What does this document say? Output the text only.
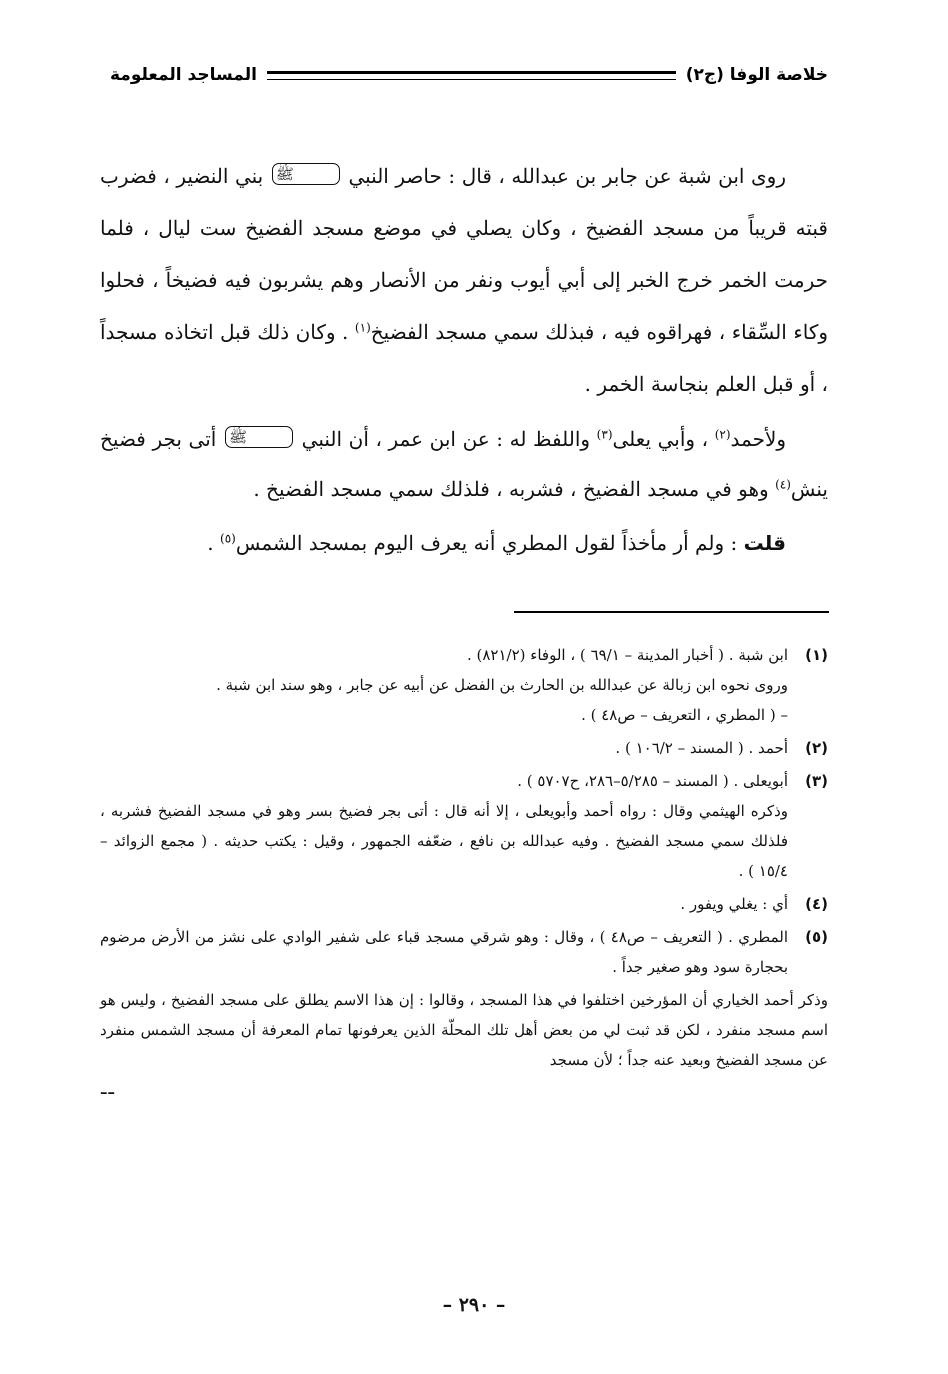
خلاصة الوفا (ج٢)
المساجد المعلومة

روى ابن شبة عن جابر بن عبدالله ، قال : حاصر النبي ﷺ بني النضير ، فضرب قبته قريباً من مسجد الفضيخ ، وكان يصلي في موضع مسجد الفضيخ ست ليال ، فلما حرمت الخمر خرج الخبر إلى أبي أيوب ونفر من الأنصار وهم يشربون فيه فضيخاً ، فحلوا وكاء السِّقاء ، فهراقوه فيه ، فبذلك سمي مسجد الفضيخ$^{(١)}$ . وكان ذلك قبل اتخاذه مسجداً ، أو قبل العلم بنجاسة الخمر .

ولأحمد$^{(٢)}$ ، وأبي يعلى$^{(٣)}$ واللفظ له : عن ابن عمر ، أن النبي ﷺ أتى بجر فضيخ ينش$^{(٤)}$ وهو في مسجد الفضيخ ، فشربه ، فلذلك سمي مسجد الفضيخ .

قلت : ولم أر مأخذاً لقول المطري أنه يعرف اليوم بمسجد الشمس$^{(٥)}$ .

(١)
ابن شبة . ( أخبار المدينة – ٦٩/١ ) ، الوفاء (٨٢١/٢) .
وروى نحوه ابن زبالة عن عبدالله بن الحارث بن الفضل عن أبيه عن جابر ، وهو سند ابن شبة .
– ( المطري ، التعريف – ص٤٨ ) .
(٢)
أحمد . ( المسند – ١٠٦/٢ ) .
(٣)
أبويعلى . ( المسند – ٥/٢٨٥–٢٨٦، ح٥٧٠٧ ) .
وذكره الهيثمي وقال : رواه أحمد وأبويعلى ، إلا أنه قال : أتى بجر فضيخ بسر وهو في مسجد الفضيخ فشربه ، فلذلك سمي مسجد الفضيخ . وفيه عبدالله بن نافع ، ضعّفه الجمهور ، وقيل : يكتب حديثه . ( مجمع الزوائد – ١٥/٤ ) .
(٤)
أي : يغلي ويفور .
(٥)
المطري . ( التعريف – ص٤٨ ) ، وقال : وهو شرقي مسجد قباء على شفير الوادي على نشز من الأرض مرضوم بحجارة سود وهو صغير جداً .
وذكر أحمد الخياري أن المؤرخين اختلفوا في هذا المسجد ، وقالوا : إن هذا الاسم يطلق على مسجد الفضيخ ، وليس هو اسم مسجد منفرد ، لكن قد ثبت لي من بعض أهل تلك المحلّة الذين يعرفونها تمام المعرفة أن مسجد الشمس منفرد عن مسجد الفضيخ وبعيد عنه جداً ؛ لأن مسجد
––
– ٢٩٠ –
